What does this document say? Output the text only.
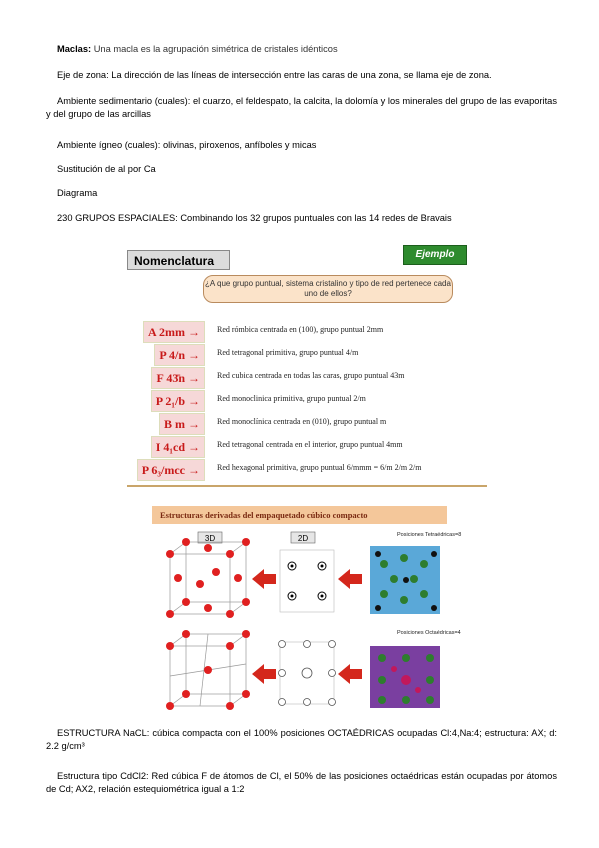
Maclas: Una macla es la agrupación simétrica de cristales idénticos
Eje de zona: La dirección de las líneas de intersección entre las caras de una zona, se llama eje de zona.
Ambiente sedimentario (cuales): el cuarzo, el feldespato, la calcita, la dolomía y los minerales del grupo de las evaporitas y del grupo de las arcillas
Ambiente ígneo (cuales): olivinas, piroxenos, anfíboles y micas
Sustitución de al por Ca
Diagrama
230 GRUPOS ESPACIALES: Combinando los 32 grupos puntuales con las 14 redes de Bravais
Nomenclatura	Ejemplo
¿A que grupo puntual, sistema cristalino y tipo de red pertenece cada uno de ellos?
A 2mm →	Red rómbica centrada en (100), grupo puntual 2mm
P 4/n →	Red tetragonal primitiva, grupo puntual 4/m
F 43̄n →	Red cubica centrada en todas las caras, grupo puntual 43m
P 2₁/b →	Red monoclinica primitiva, grupo puntual 2/m
B m →	Red monoclínica centrada en (010), grupo puntual m
I 4₁cd →	Red tetragonal centrada en el interior, grupo puntual 4mm
P 6₃/mcc →	Red hexagonal primitiva, grupo puntual 6/mmm = 6/m 2/m 2/m
Estructuras derivadas del empaquetado cúbico compacto
3D	2D	Posiciones Tetraédricas=8
Posiciones Octaédricas=4
ESTRUCTURA NaCL: cúbica compacta con el 100% posiciones OCTAÉDRICAS ocupadas Cl:4,Na:4; estructura: AX; d: 2.2 g/cm³
Estructura tipo CdCl2: Red cúbica F de átomos de Cl, el 50% de las posiciones octaédricas están ocupadas por átomos de Cd; AX2, relación estequiométrica igual a 1:2
